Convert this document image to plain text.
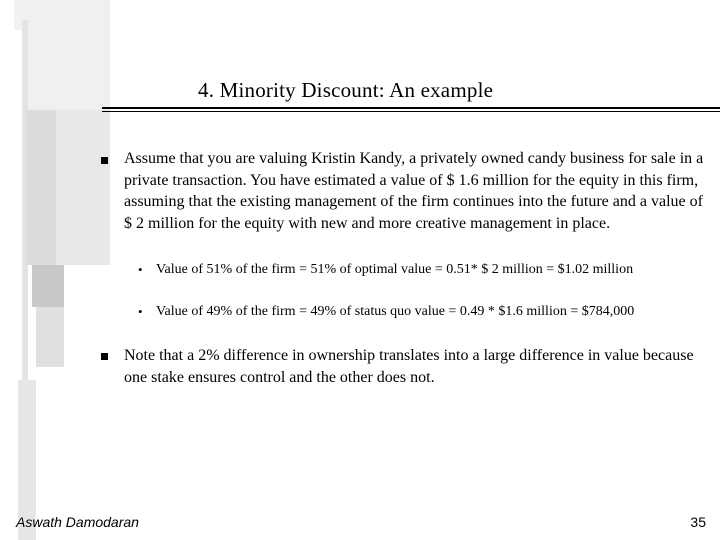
4. Minority Discount: An example
Assume that you are valuing Kristin Kandy, a privately owned candy business for sale in a private transaction. You have estimated a value of $ 1.6 million for the equity in this firm, assuming that the existing management of the firm continues into the future and a value of $ 2 million for the equity with new and more creative management in place.
• Value of 51% of the firm = 51% of optimal value = 0.51* $ 2 million = $1.02 million
• Value of 49% of the firm = 49% of status quo value = 0.49 * $1.6 million = $784,000
Note that a 2% difference in ownership translates into a large difference in value because one stake ensures control and the other does not.
Aswath Damodaran	35
